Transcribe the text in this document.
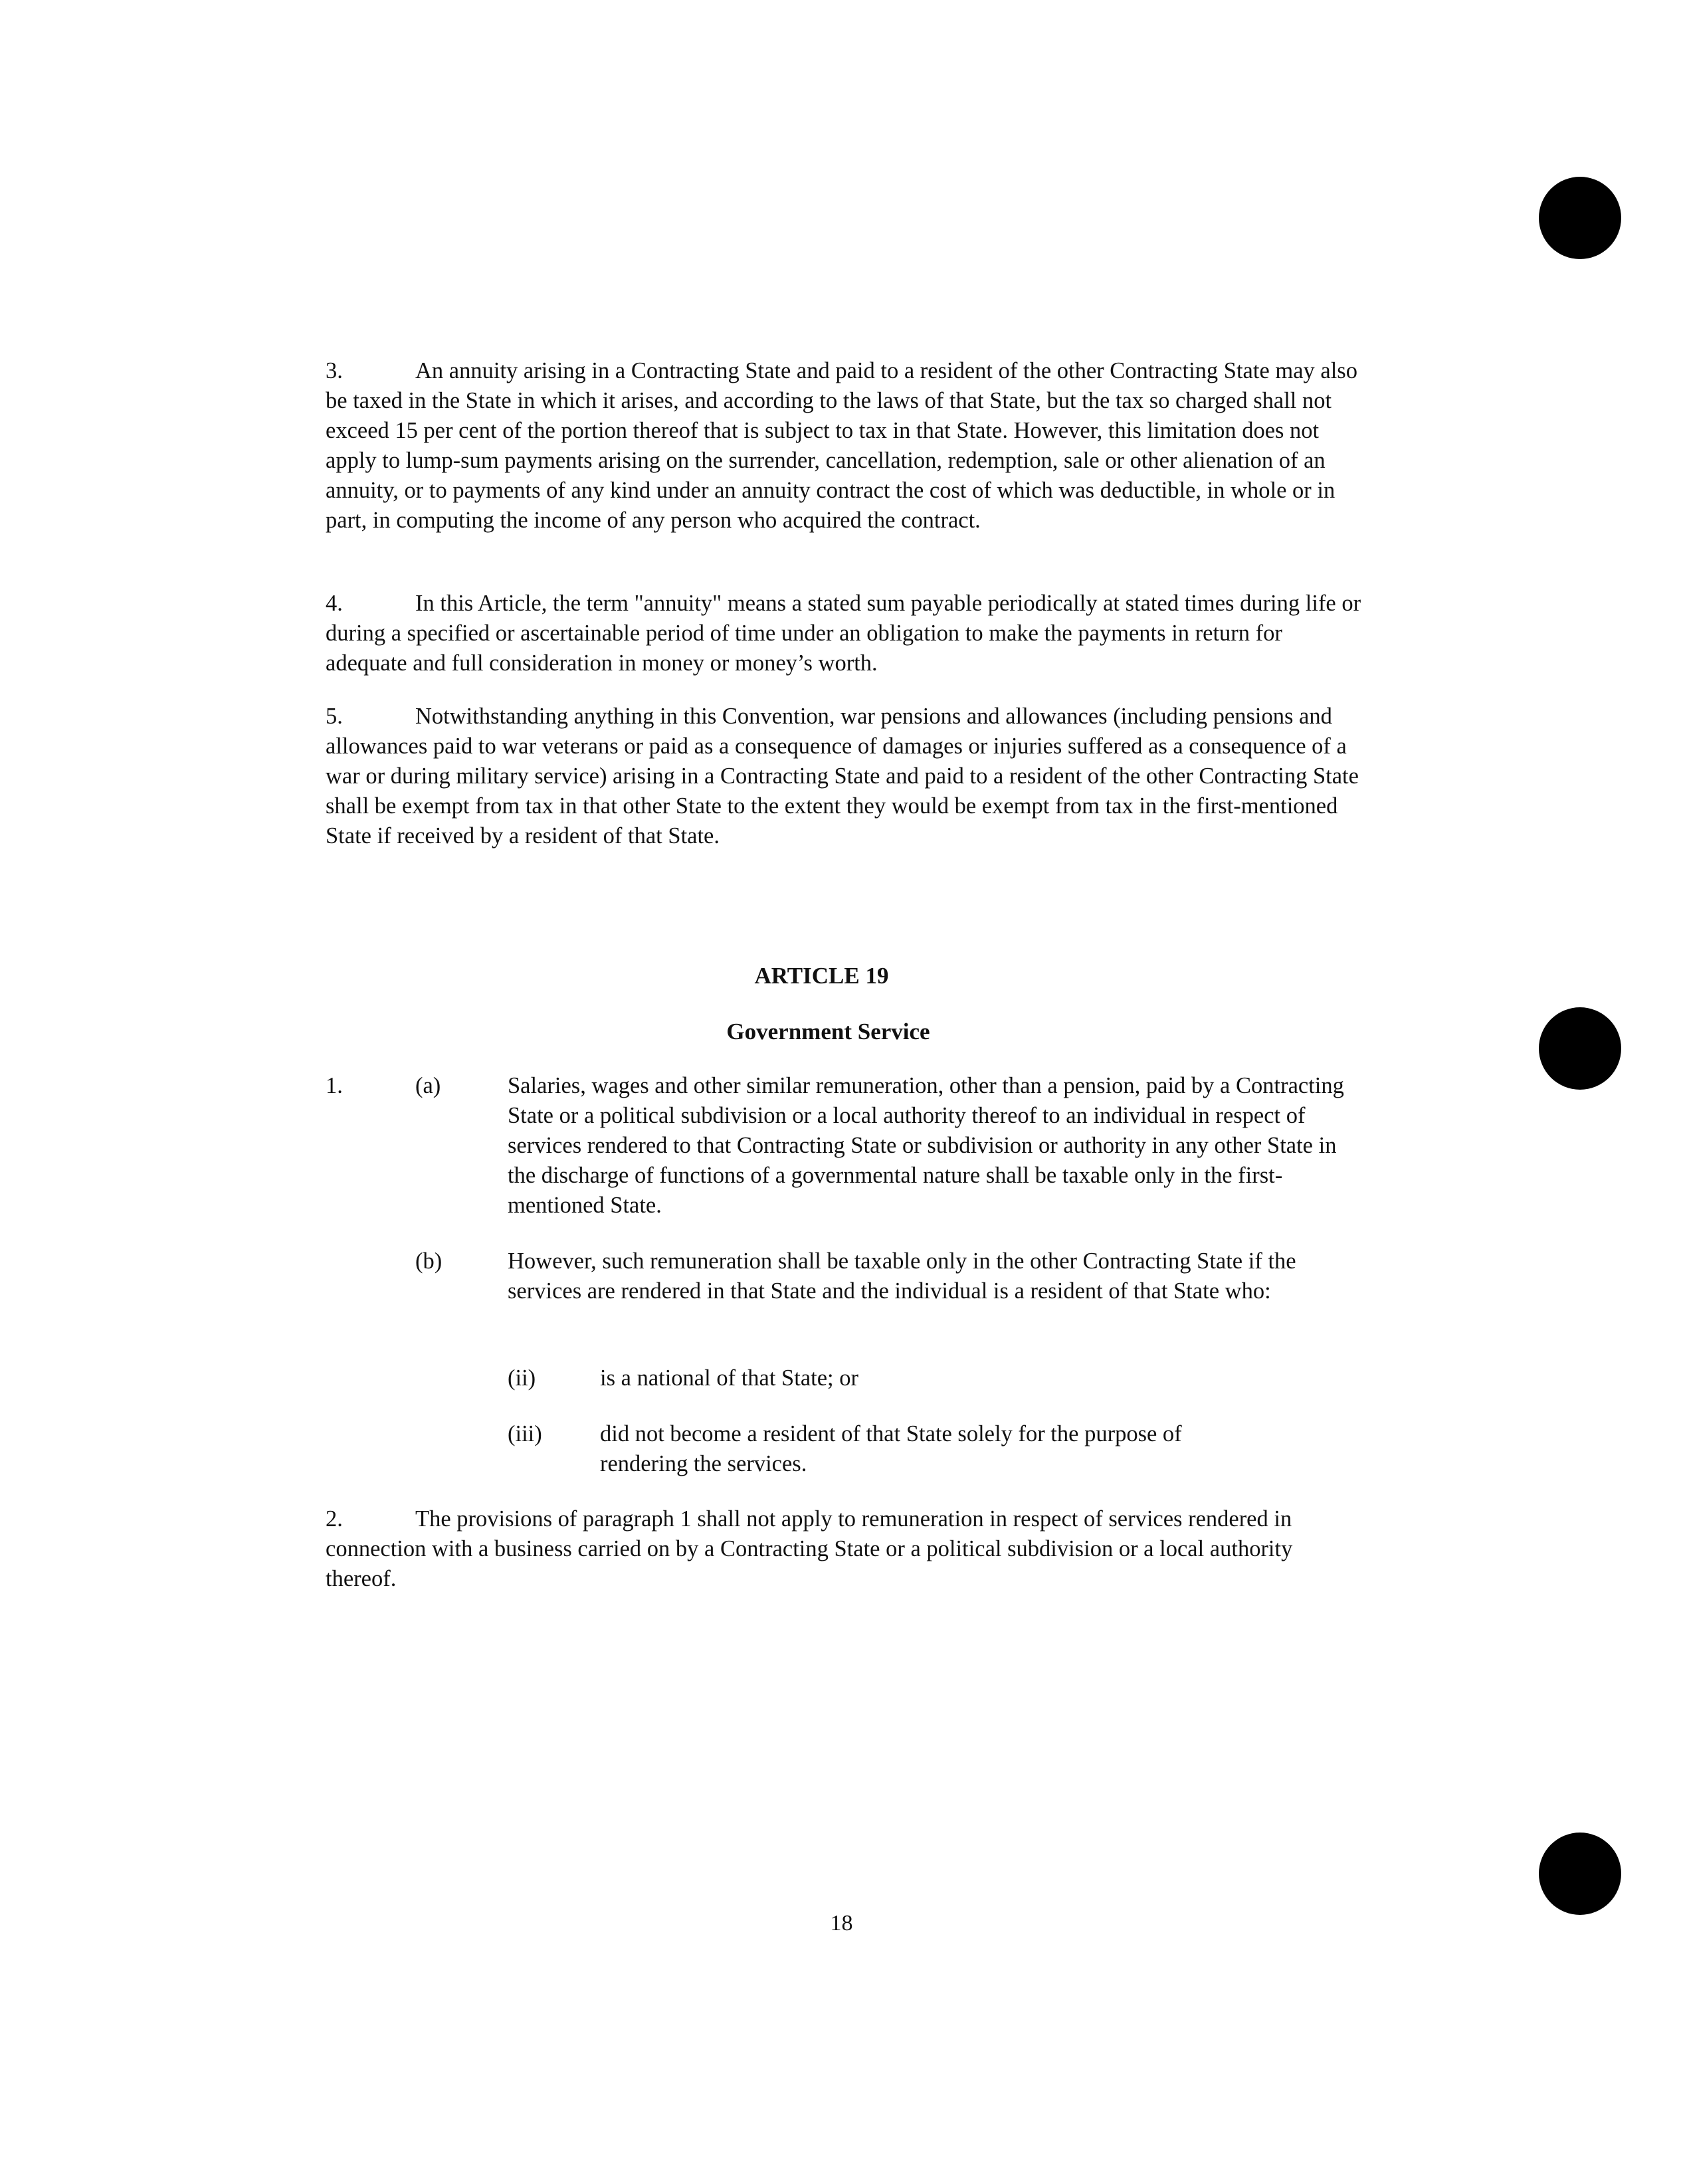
3.	An annuity arising in a Contracting State and paid to a resident of the other Contracting State may also be taxed in the State in which it arises, and according to the laws of that State, but the tax so charged shall not exceed 15 per cent of the portion thereof that is subject to tax in that State. However, this limitation does not apply to lump-sum payments arising on the surrender, cancellation, redemption, sale or other alienation of an annuity, or to payments of any kind under an annuity contract the cost of which was deductible, in whole or in part, in computing the income of any person who acquired the contract.
4.	In this Article, the term "annuity" means a stated sum payable periodically at stated times during life or during a specified or ascertainable period of time under an obligation to make the payments in return for adequate and full consideration in money or money’s worth.
5.	Notwithstanding anything in this Convention, war pensions and allowances (including pensions and allowances paid to war veterans or paid as a consequence of damages or injuries suffered as a consequence of a war or during military service) arising in a Contracting State and paid to a resident of the other Contracting State shall be exempt from tax in that other State to the extent they would be exempt from tax in the first-mentioned State if received by a resident of that State.
ARTICLE 19
Government Service
1.	(a)	Salaries, wages and other similar remuneration, other than a pension, paid by a Contracting State or a political subdivision or a local authority thereof to an individual in respect of services rendered to that Contracting State or subdivision or authority in any other State in the discharge of functions of a governmental nature shall be taxable only in the first-mentioned State.
(b)	However, such remuneration shall be taxable only in the other Contracting State if the services are rendered in that State and the individual is a resident of that State who:
(ii)	is a national of that State; or
(iii)	did not become a resident of that State solely for the purpose of rendering the services.
2.	The provisions of paragraph 1 shall not apply to remuneration in respect of services rendered in connection with a business carried on by a Contracting State or a political subdivision or a local authority thereof.
18
